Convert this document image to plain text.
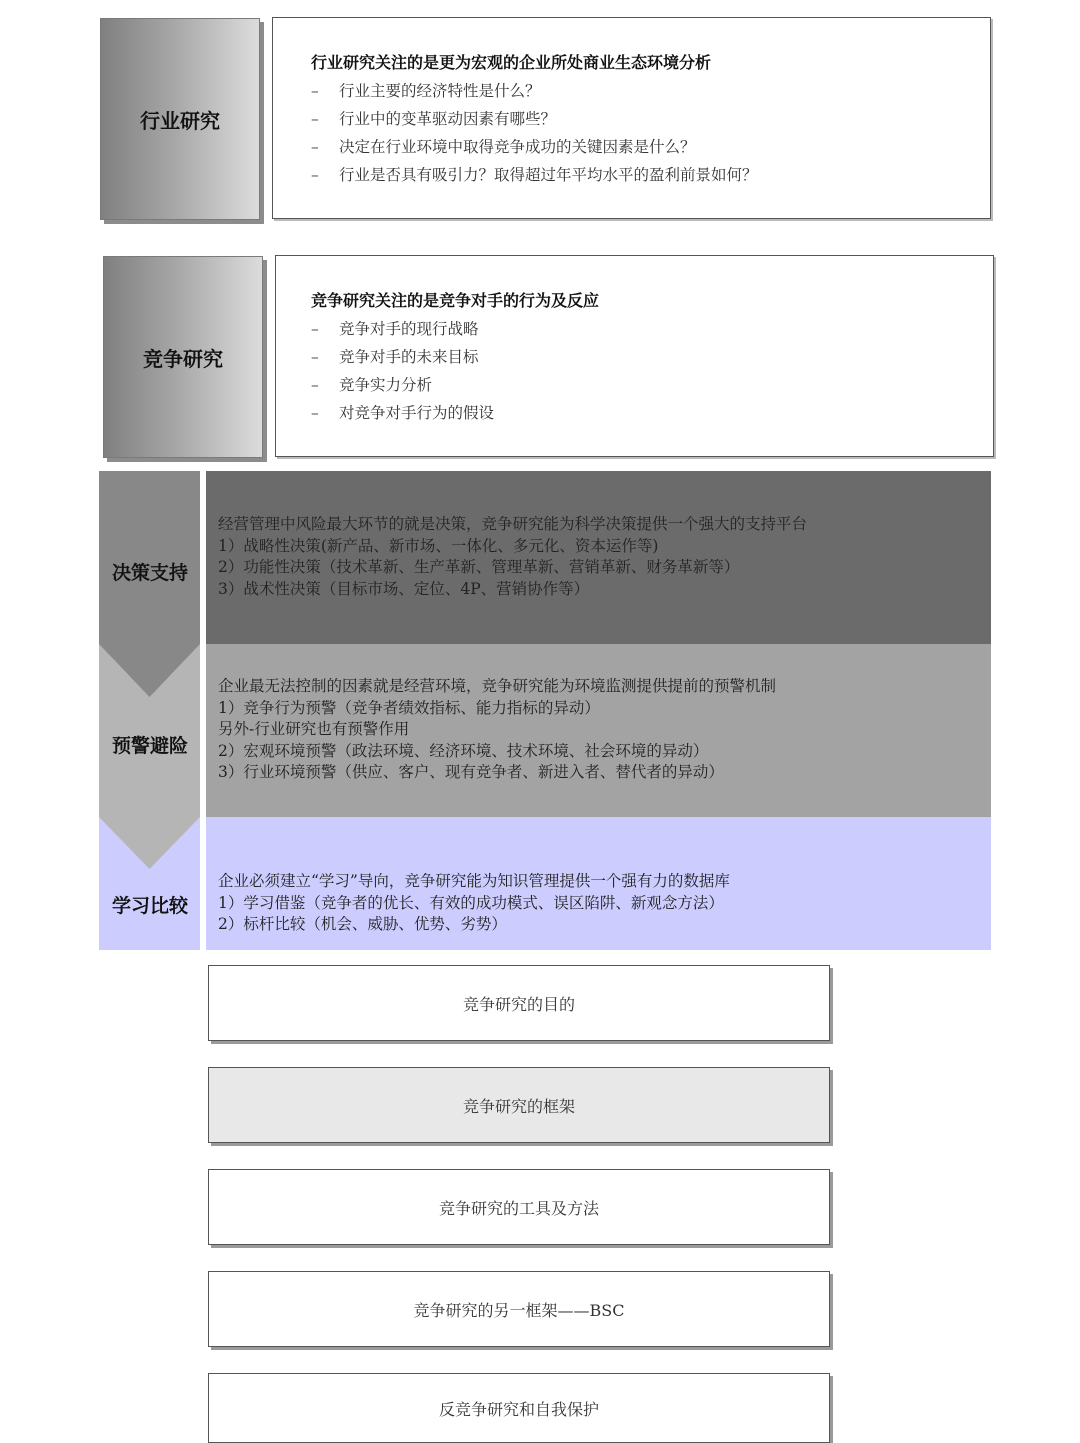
行业研究
行业研究关注的是更为宏观的企业所处商业生态环境分析
–	行业主要的经济特性是什么？
–	行业中的变革驱动因素有哪些？
–	决定在行业环境中取得竞争成功的关键因素是什么？
–	行业是否具有吸引力？取得超过年平均水平的盈利前景如何？
竞争研究
竞争研究关注的是竞争对手的行为及反应
–	竞争对手的现行战略
–	竞争对手的未来目标
–	竞争实力分析
–	对竞争对手行为的假设
决策支持

经营管理中风险最大环节的就是决策，竞争研究能为科学决策提供一个强大的支持平台

1）战略性决策(新产品、新市场、一体化、多元化、资本运作等)

2）功能性决策（技术革新、生产革新、管理革新、营销革新、财务革新等）

3）战术性决策（目标市场、定位、4P、营销协作等）

预警避险

企业最无法控制的因素就是经营环境，竞争研究能为环境监测提供提前的预警机制

1）竞争行为预警（竞争者绩效指标、能力指标的异动）

另外-行业研究也有预警作用

2）宏观环境预警（政法环境、经济环境、技术环境、社会环境的异动）

3）行业环境预警（供应、客户、现有竞争者、新进入者、替代者的异动）

学习比较

企业必须建立“学习”导向，竞争研究能为知识管理提供一个强有力的数据库

1）学习借鉴（竞争者的优长、有效的成功模式、误区陷阱、新观念方法）

2）标杆比较（机会、威胁、优势、劣势）

竞争研究的目的
竞争研究的框架
竞争研究的工具及方法
竞争研究的另一框架——BSC
反竞争研究和自我保护
